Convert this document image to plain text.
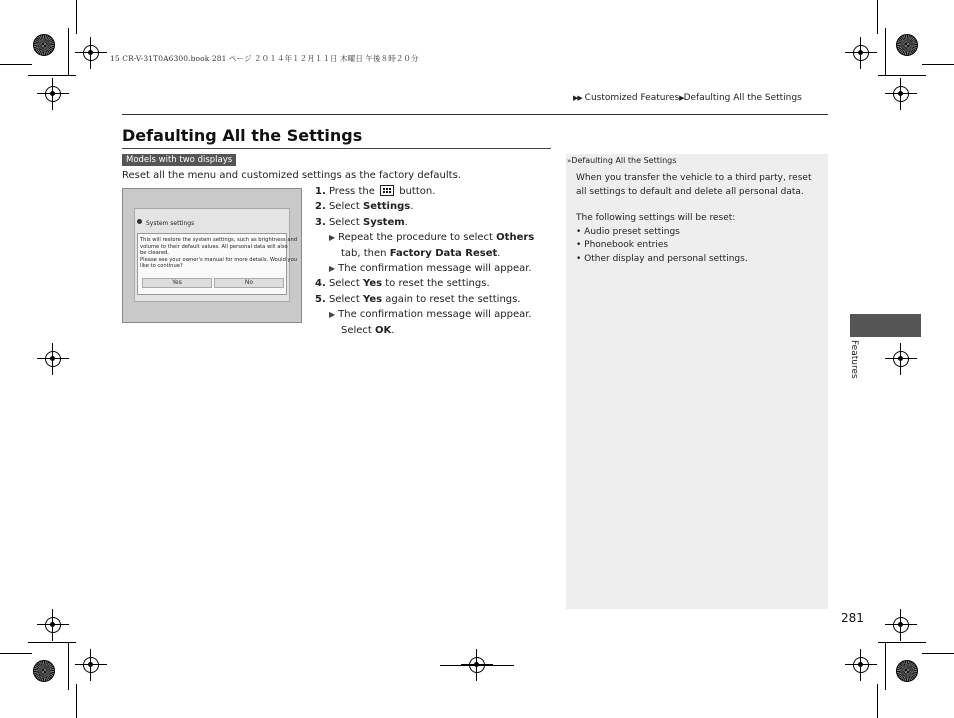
15 CR-V-31T0A6300.book 281 ページ ２０１４年１２月１１日 木曜日 午後８時２０分
▶▶ Customized Features▶Defaulting All the Settings
Defaulting All the Settings
Models with two displays
Reset all the menu and customized settings as the factory defaults.
System settings
This will restore the system settings, such as brightness and
volume to their default values. All personal data will also
be cleared.
Please see your owner's manual for more details. Would you
like to continue?
Yes	No
1. Press the button.
2. Select Settings.
3. Select System.
▶ Repeat the procedure to select Others
tab, then Factory Data Reset.
▶ The confirmation message will appear.
4. Select Yes to reset the settings.
5. Select Yes again to reset the settings.
▶ The confirmation message will appear.
Select OK.
»Defaulting All the Settings
When you transfer the vehicle to a third party, reset
all settings to default and delete all personal data.
The following settings will be reset:
• Audio preset settings
• Phonebook entries
• Other display and personal settings.
Features
281
